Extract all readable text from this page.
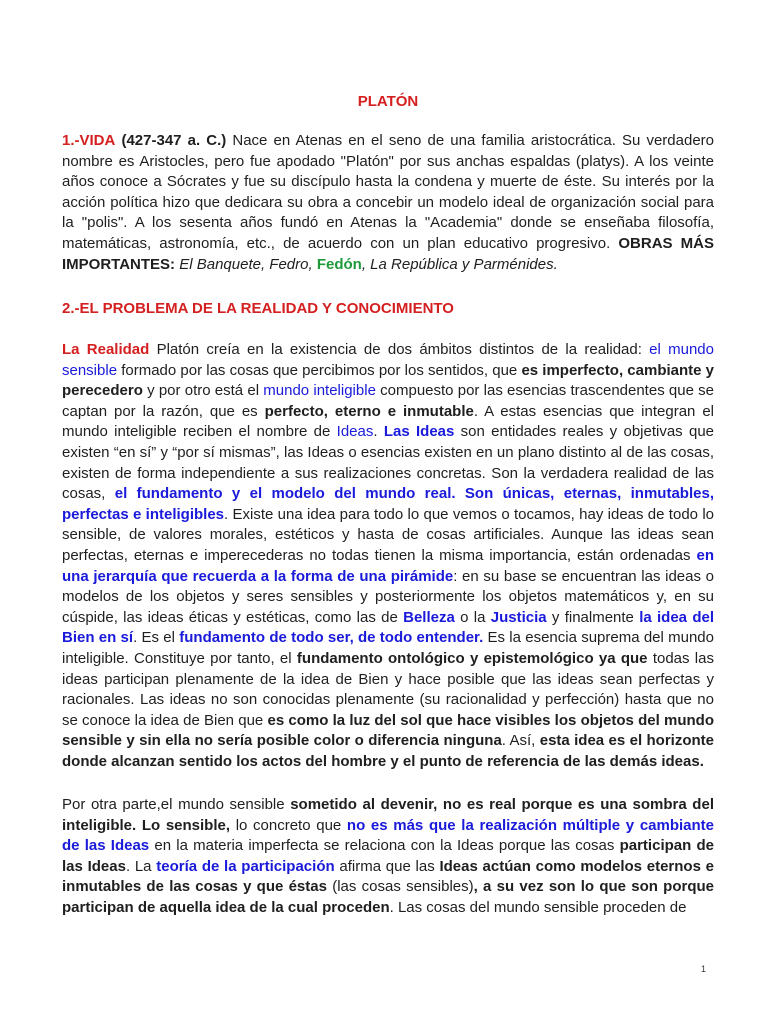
PLATÓN
1.-VIDA (427-347 a. C.) Nace en Atenas en el seno de una familia aristocrática. Su verdadero nombre es Aristocles, pero fue apodado "Platón" por sus anchas espaldas (platys). A los veinte años conoce a Sócrates y fue su discípulo hasta la condena y muerte de éste. Su interés por la acción política hizo que dedicara su obra a concebir un modelo ideal de organización social para la "polis". A los sesenta años fundó en Atenas la "Academia" donde se enseñaba filosofía, matemáticas, astronomía, etc., de acuerdo con un plan educativo progresivo. OBRAS MÁS IMPORTANTES: El Banquete, Fedro, Fedón, La República y Parménides.
2.-EL PROBLEMA DE LA REALIDAD Y CONOCIMIENTO
La Realidad Platón creía en la existencia de dos ámbitos distintos de la realidad: el mundo sensible formado por las cosas que percibimos por los sentidos, que es imperfecto, cambiante y perecedero y por otro está el mundo inteligible compuesto por las esencias trascendentes que se captan por la razón, que es perfecto, eterno e inmutable. A estas esencias que integran el mundo inteligible reciben el nombre de Ideas. Las Ideas son entidades reales y objetivas que existen “en sí” y “por sí mismas”, las Ideas o esencias existen en un plano distinto al de las cosas, existen de forma independiente a sus realizaciones concretas. Son la verdadera realidad de las cosas, el fundamento y el modelo del mundo real. Son únicas, eternas, inmutables, perfectas e inteligibles. Existe una idea para todo lo que vemos o tocamos, hay ideas de todo lo sensible, de valores morales, estéticos y hasta de cosas artificiales. Aunque las ideas sean perfectas, eternas e imperecederas no todas tienen la misma importancia, están ordenadas en una jerarquía que recuerda a la forma de una pirámide: en su base se encuentran las ideas o modelos de los objetos y seres sensibles y posteriormente los objetos matemáticos y, en su cúspide, las ideas éticas y estéticas, como las de Belleza o la Justicia y finalmente la idea del Bien en sí. Es el fundamento de todo ser, de todo entender. Es la esencia suprema del mundo inteligible. Constituye por tanto, el fundamento ontológico y epistemológico ya que todas las ideas participan plenamente de la idea de Bien y hace posible que las ideas sean perfectas y racionales. Las ideas no son conocidas plenamente (su racionalidad y perfección) hasta que no se conoce la idea de Bien que es como la luz del sol que hace visibles los objetos del mundo sensible y sin ella no sería posible color o diferencia ninguna. Así, esta idea es el horizonte donde alcanzan sentido los actos del hombre y el punto de referencia de las demás ideas.
Por otra parte,el mundo sensible sometido al devenir, no es real porque es una sombra del inteligible. Lo sensible, lo concreto que no es más que la realización múltiple y cambiante de las Ideas en la materia imperfecta se relaciona con la Ideas porque las cosas participan de las Ideas. La teoría de la participación afirma que las Ideas actúan como modelos eternos e inmutables de las cosas y que éstas (las cosas sensibles), a su vez son lo que son porque participan de aquella idea de la cual proceden. Las cosas del mundo sensible proceden de
1
